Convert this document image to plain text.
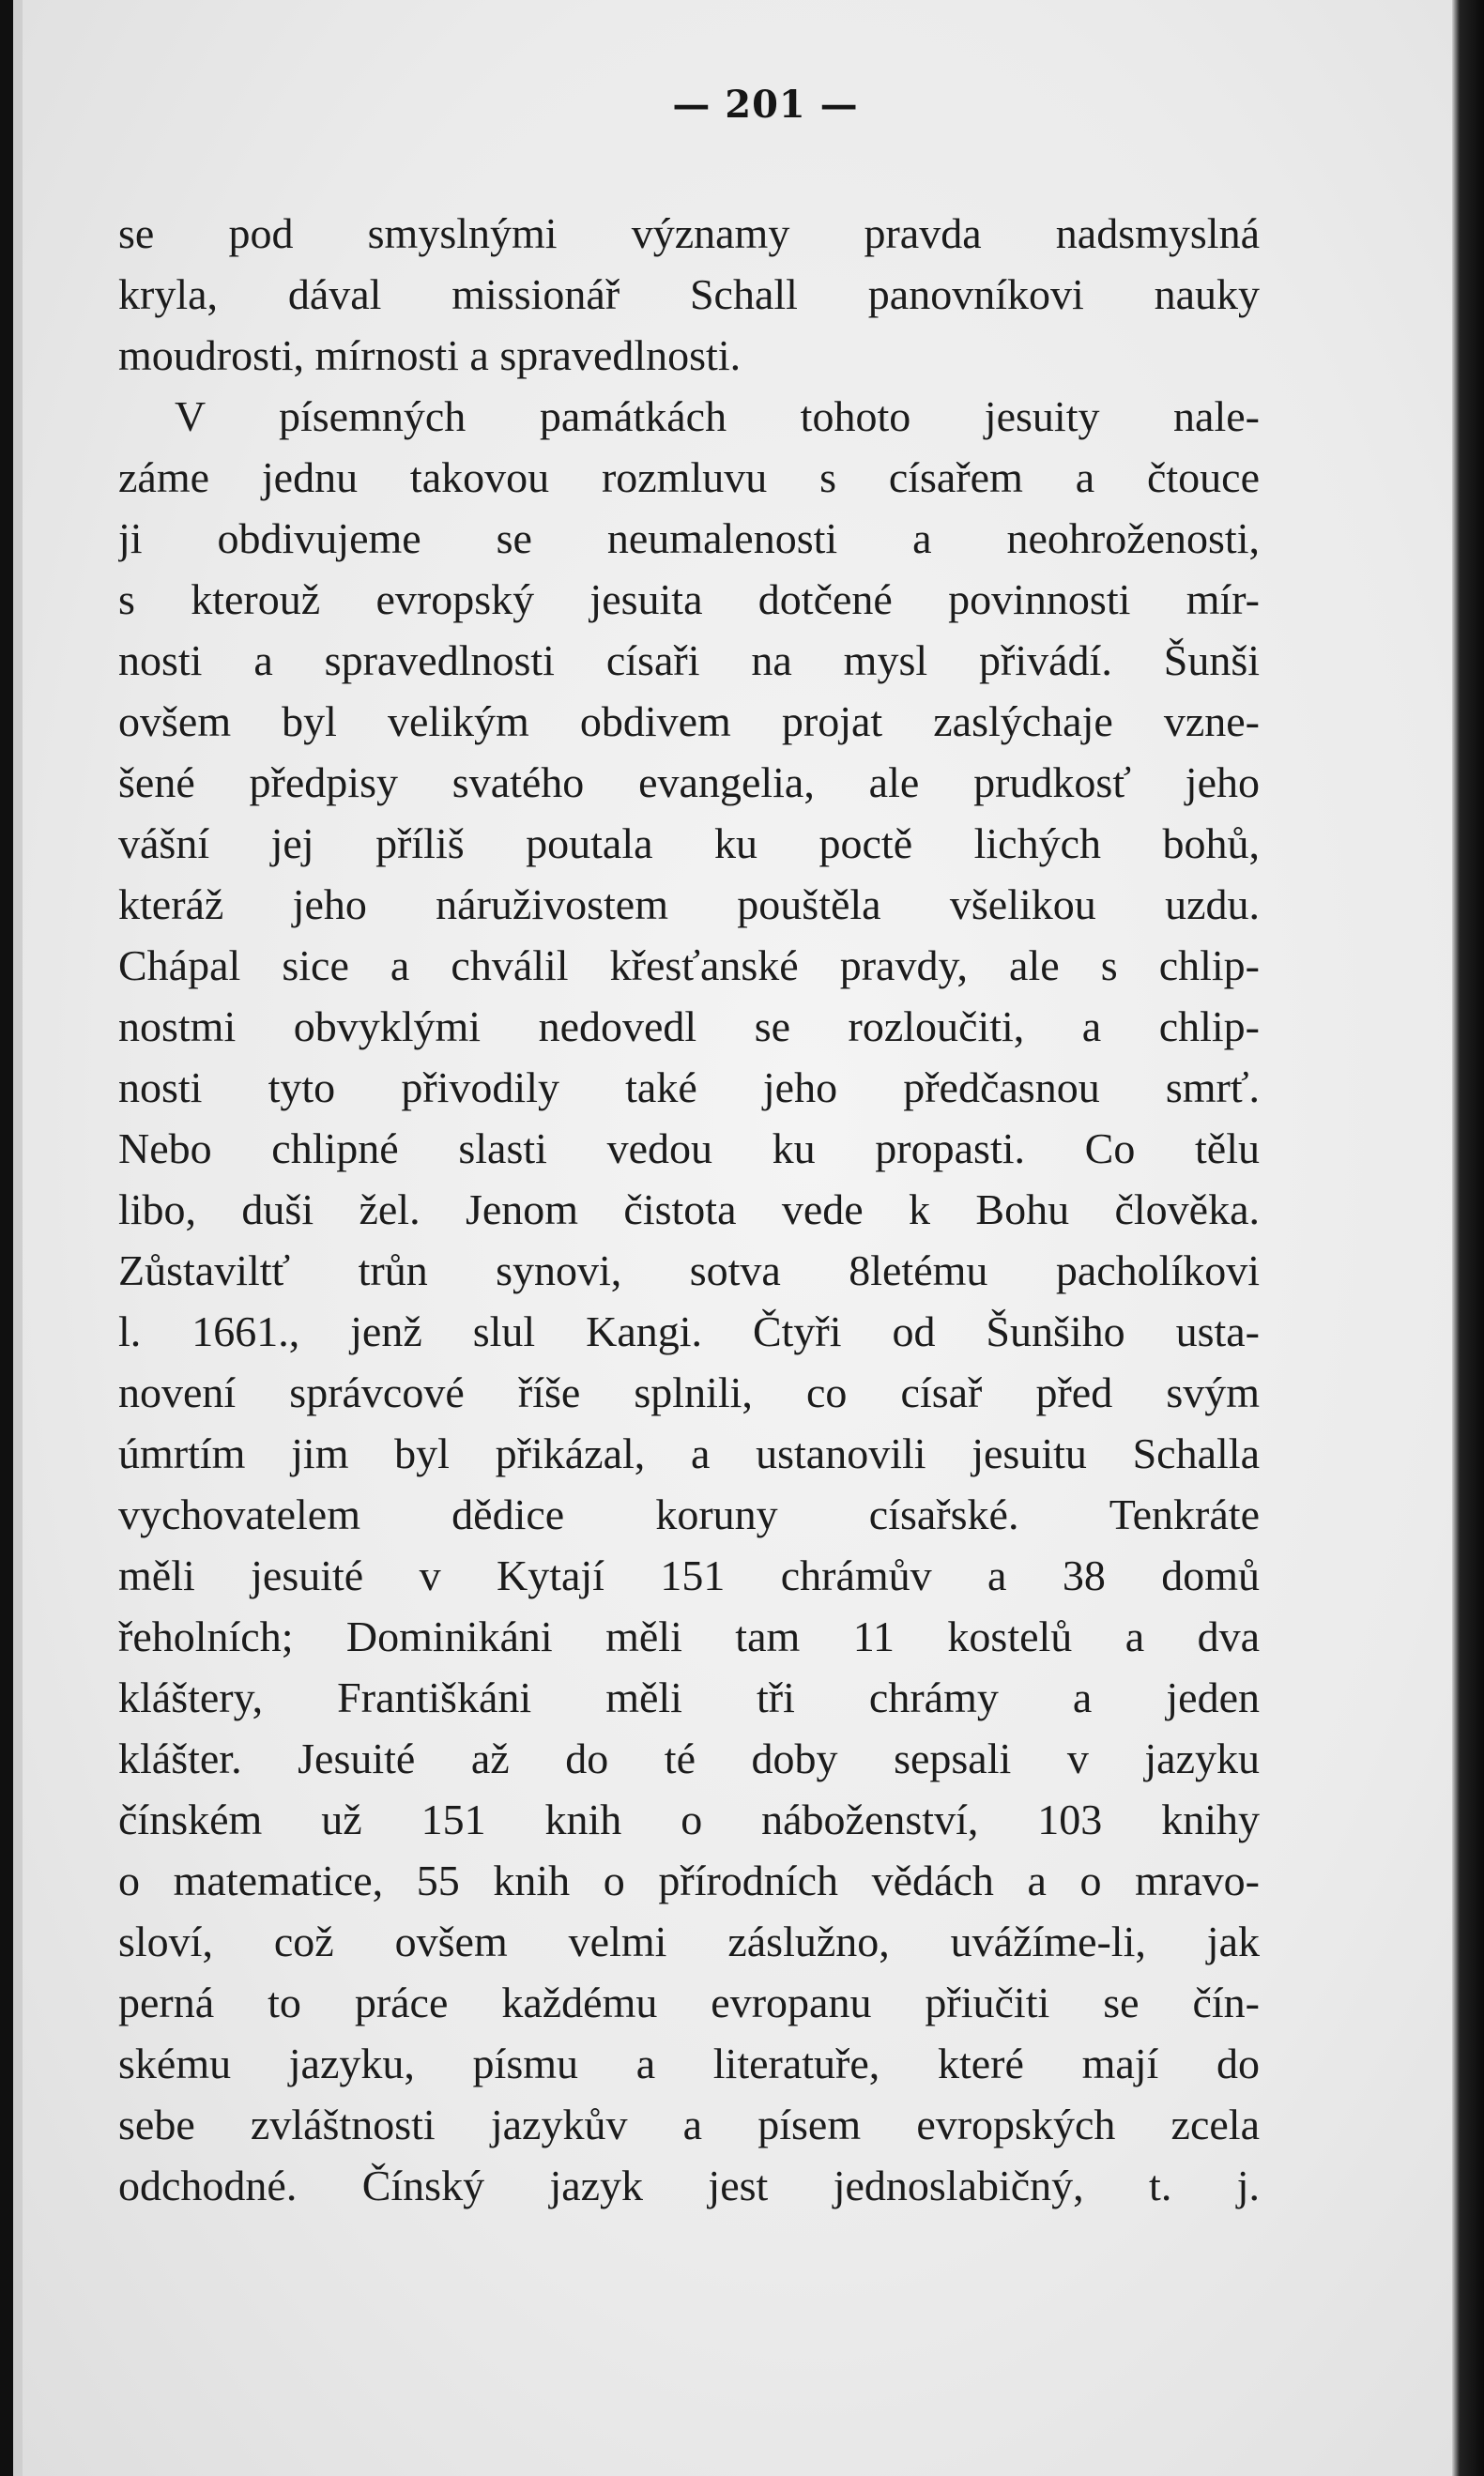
— 201 —
se pod smyslnými významy pravda nadsmyslná
kryla, dával missionář Schall panovníkovi nauky
moudrosti, mírnosti a spravedlnosti.
V písemných památkách tohoto jesuity nale-
záme jednu takovou rozmluvu s císařem a čtouce
ji obdivujeme se neumalenosti a neohroženosti,
s kterouž evropský jesuita dotčené povinnosti mír-
nosti a spravedlnosti císaři na mysl přivádí. Šunši
ovšem byl velikým obdivem projat zaslýchaje vzne-
šené předpisy svatého evangelia, ale prudkosť jeho
vášní jej příliš poutala ku poctě lichých bohů,
kteráž jeho náruživostem pouštěla všelikou uzdu.
Chápal sice a chválil křesťanské pravdy, ale s chlip-
nostmi obvyklými nedovedl se rozloučiti, a chlip-
nosti tyto přivodily také jeho předčasnou smrť.
Nebo chlipné slasti vedou ku propasti. Co tělu
libo, duši žel. Jenom čistota vede k Bohu člověka.
Zůstaviltť trůn synovi, sotva 8letému pacholíkovi
l. 1661., jenž slul Kangi. Čtyři od Šunšiho usta-
novení správcové říše splnili, co císař před svým
úmrtím jim byl přikázal, a ustanovili jesuitu Schalla
vychovatelem dědice koruny císařské. Tenkráte
měli jesuité v Kytají 151 chrámův a 38 domů
řeholních; Dominikáni měli tam 11 kostelů a dva
kláštery, Františkáni měli tři chrámy a jeden
klášter. Jesuité až do té doby sepsali v jazyku
čínském už 151 knih o náboženství, 103 knihy
o matematice, 55 knih o přírodních vědách a o mravo-
sloví, což ovšem velmi záslužno, uvážíme-li, jak
perná to práce každému evropanu přiučiti se čín-
skému jazyku, písmu a literatuře, které mají do
sebe zvláštnosti jazykův a písem evropských zcela
odchodné. Čínský jazyk jest jednoslabičný, t. j.
